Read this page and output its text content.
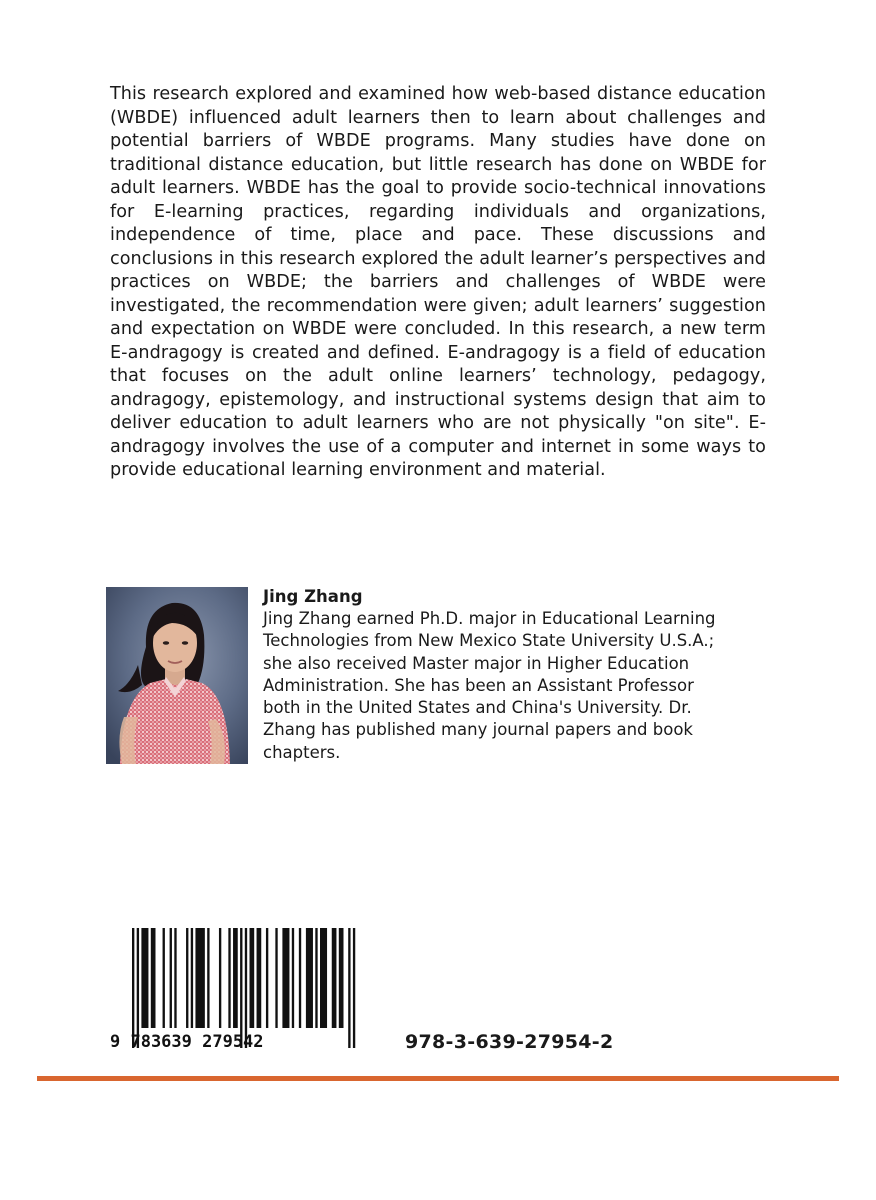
This research explored and examined how web-based distance education (WBDE) influenced adult learners then to learn about challenges and potential barriers of WBDE programs. Many studies have done on traditional distance education, but little research has done on WBDE for adult learners. WBDE has the goal to provide socio-technical innovations for E-learning practices, regarding individuals and organizations, independence of time, place and pace. These discussions and conclusions in this research explored the adult learner’s perspectives and practices on WBDE; the barriers and challenges of WBDE were investigated, the recommendation were given; adult learners’ suggestion and expectation on WBDE were concluded. In this research, a new term E-andragogy is created and defined. E-andragogy is a field of education that focuses on the adult online learners’ technology, pedagogy, andragogy, epistemology, and instructional systems design that aim to deliver education to adult learners who are not physically "on site". E-andragogy involves the use of a computer and internet in some ways to provide educational learning environment and material.

Jing Zhang

Jing Zhang earned Ph.D. major in Educational Learning Technologies from New Mexico State University U.S.A.; she also received Master major in Higher Education Administration. She has been an Assistant Professor both in the United States and China's University. Dr. Zhang has published many journal papers and book chapters.

9 783639 279542	978-3-639-27954-2
